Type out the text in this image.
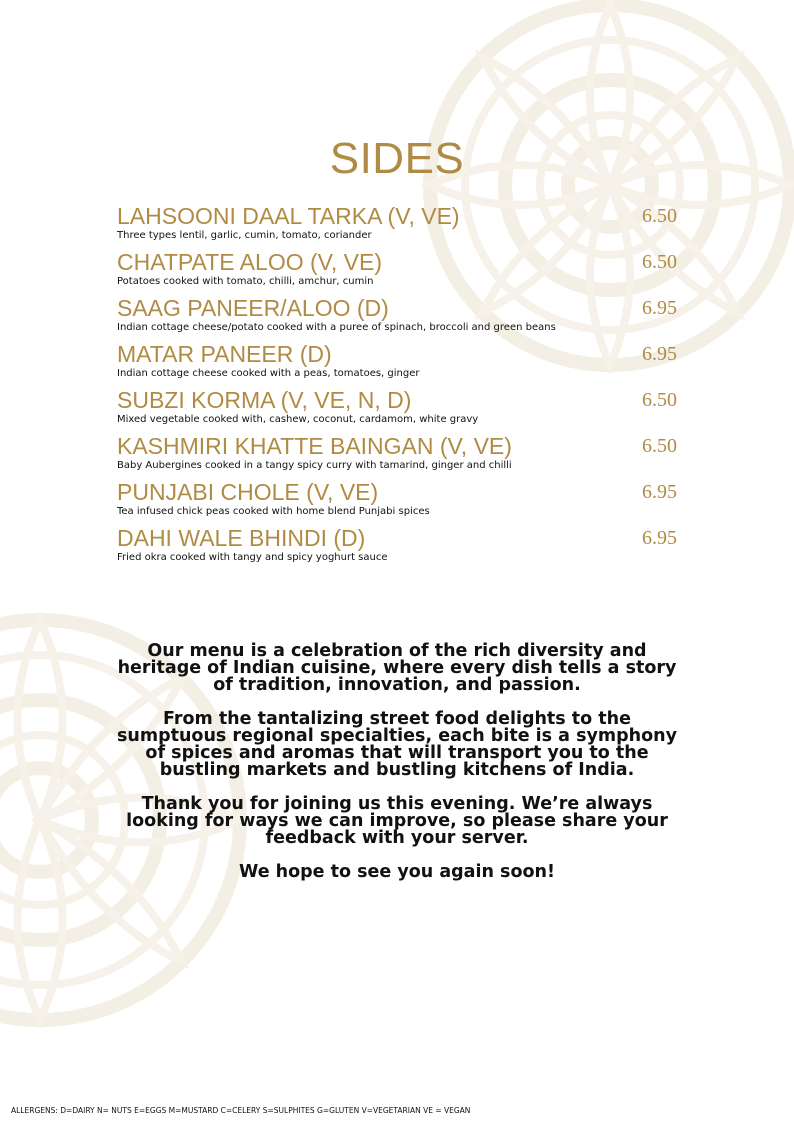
SIDES
LAHSOONI DAAL TARKA (V, VE)
Three types lentil, garlic, cumin, tomato, coriander
6.50
CHATPATE ALOO (V, VE)
Potatoes cooked with tomato, chilli, amchur, cumin
6.50
SAAG PANEER/ALOO (D)
Indian cottage cheese/potato cooked with a puree of spinach, broccoli and green beans
6.95
MATAR PANEER (D)
Indian cottage cheese cooked with a peas, tomatoes, ginger
6.95
SUBZI KORMA (V, VE, N, D)
Mixed vegetable cooked with, cashew, coconut, cardamom, white gravy
6.50
KASHMIRI KHATTE BAINGAN (V, VE)
Baby Aubergines cooked in a tangy spicy curry with tamarind, ginger and chilli
6.50
PUNJABI CHOLE (V, VE)
Tea infused chick peas cooked with home blend Punjabi spices
6.95
DAHI WALE BHINDI (D)
Fried okra cooked with tangy and spicy yoghurt sauce
6.95

Our menu is a celebration of the rich diversity and heritage of Indian cuisine, where every dish tells a story of tradition, innovation, and passion.

From the tantalizing street food delights to the sumptuous regional specialties, each bite is a symphony of spices and aromas that will transport you to the bustling markets and bustling kitchens of India.

Thank you for joining us this evening. We’re always looking for ways we can improve, so please share your feedback with your server.

We hope to see you again soon!

ALLERGENS: D=DAIRY N= NUTS E=EGGS M=MUSTARD C=CELERY S=SULPHITES G=GLUTEN V=VEGETARIAN VE = VEGAN
